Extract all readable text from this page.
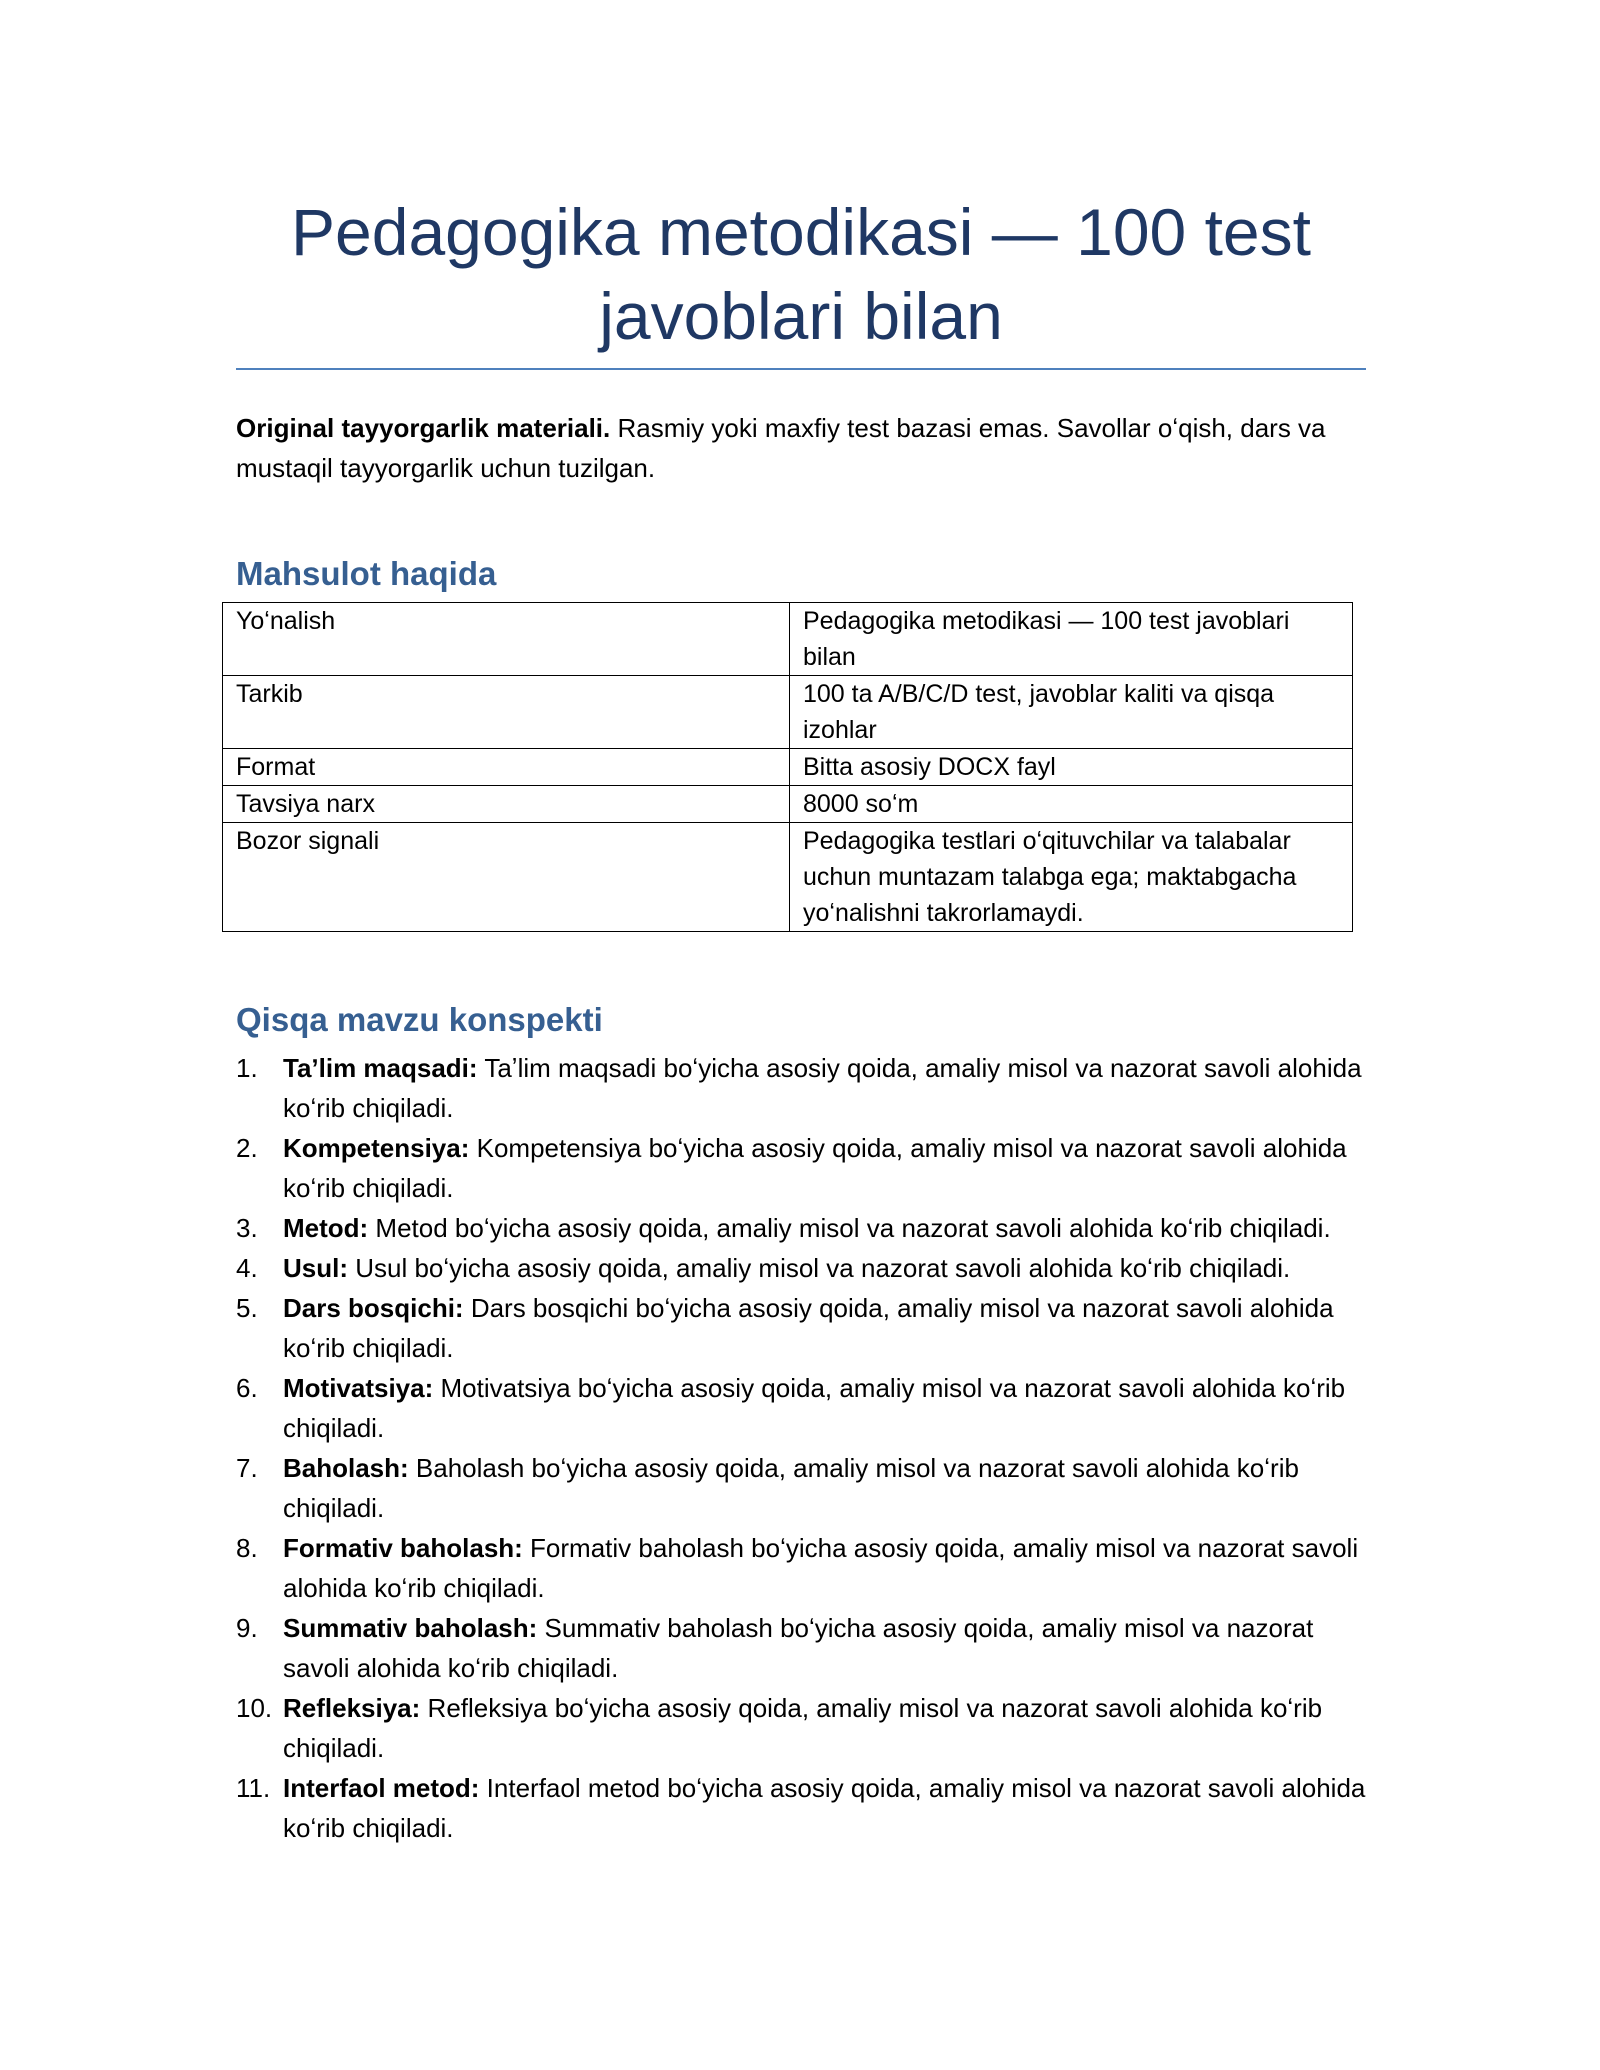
Pedagogika metodikasi — 100 test javoblari bilan

Original tayyorgarlik materiali. Rasmiy yoki maxfiy test bazasi emas. Savollar oʻqish, dars va mustaqil tayyorgarlik uchun tuzilgan.

Mahsulot haqida
Yoʻnalish	Pedagogika metodikasi — 100 test javoblari bilan
Tarkib	100 ta A/B/C/D test, javoblar kaliti va qisqa izohlar
Format	Bitta asosiy DOCX fayl
Tavsiya narx	8000 soʻm
Bozor signali	Pedagogika testlari oʻqituvchilar va talabalar uchun muntazam talabga ega; maktabgacha yoʻnalishni takrorlamaydi.
Qisqa mavzu konspekti
1. Taʼlim maqsadi: Taʼlim maqsadi boʻyicha asosiy qoida, amaliy misol va nazorat savoli alohida koʻrib chiqiladi.
2. Kompetensiya: Kompetensiya boʻyicha asosiy qoida, amaliy misol va nazorat savoli alohida koʻrib chiqiladi.
3. Metod: Metod boʻyicha asosiy qoida, amaliy misol va nazorat savoli alohida koʻrib chiqiladi.
4. Usul: Usul boʻyicha asosiy qoida, amaliy misol va nazorat savoli alohida koʻrib chiqiladi.
5. Dars bosqichi: Dars bosqichi boʻyicha asosiy qoida, amaliy misol va nazorat savoli alohida koʻrib chiqiladi.
6. Motivatsiya: Motivatsiya boʻyicha asosiy qoida, amaliy misol va nazorat savoli alohida koʻrib chiqiladi.
7. Baholash: Baholash boʻyicha asosiy qoida, amaliy misol va nazorat savoli alohida koʻrib chiqiladi.
8. Formativ baholash: Formativ baholash boʻyicha asosiy qoida, amaliy misol va nazorat savoli alohida koʻrib chiqiladi.
9. Summativ baholash: Summativ baholash boʻyicha asosiy qoida, amaliy misol va nazorat savoli alohida koʻrib chiqiladi.
10. Refleksiya: Refleksiya boʻyicha asosiy qoida, amaliy misol va nazorat savoli alohida koʻrib chiqiladi.
11. Interfaol metod: Interfaol metod boʻyicha asosiy qoida, amaliy misol va nazorat savoli alohida koʻrib chiqiladi.
